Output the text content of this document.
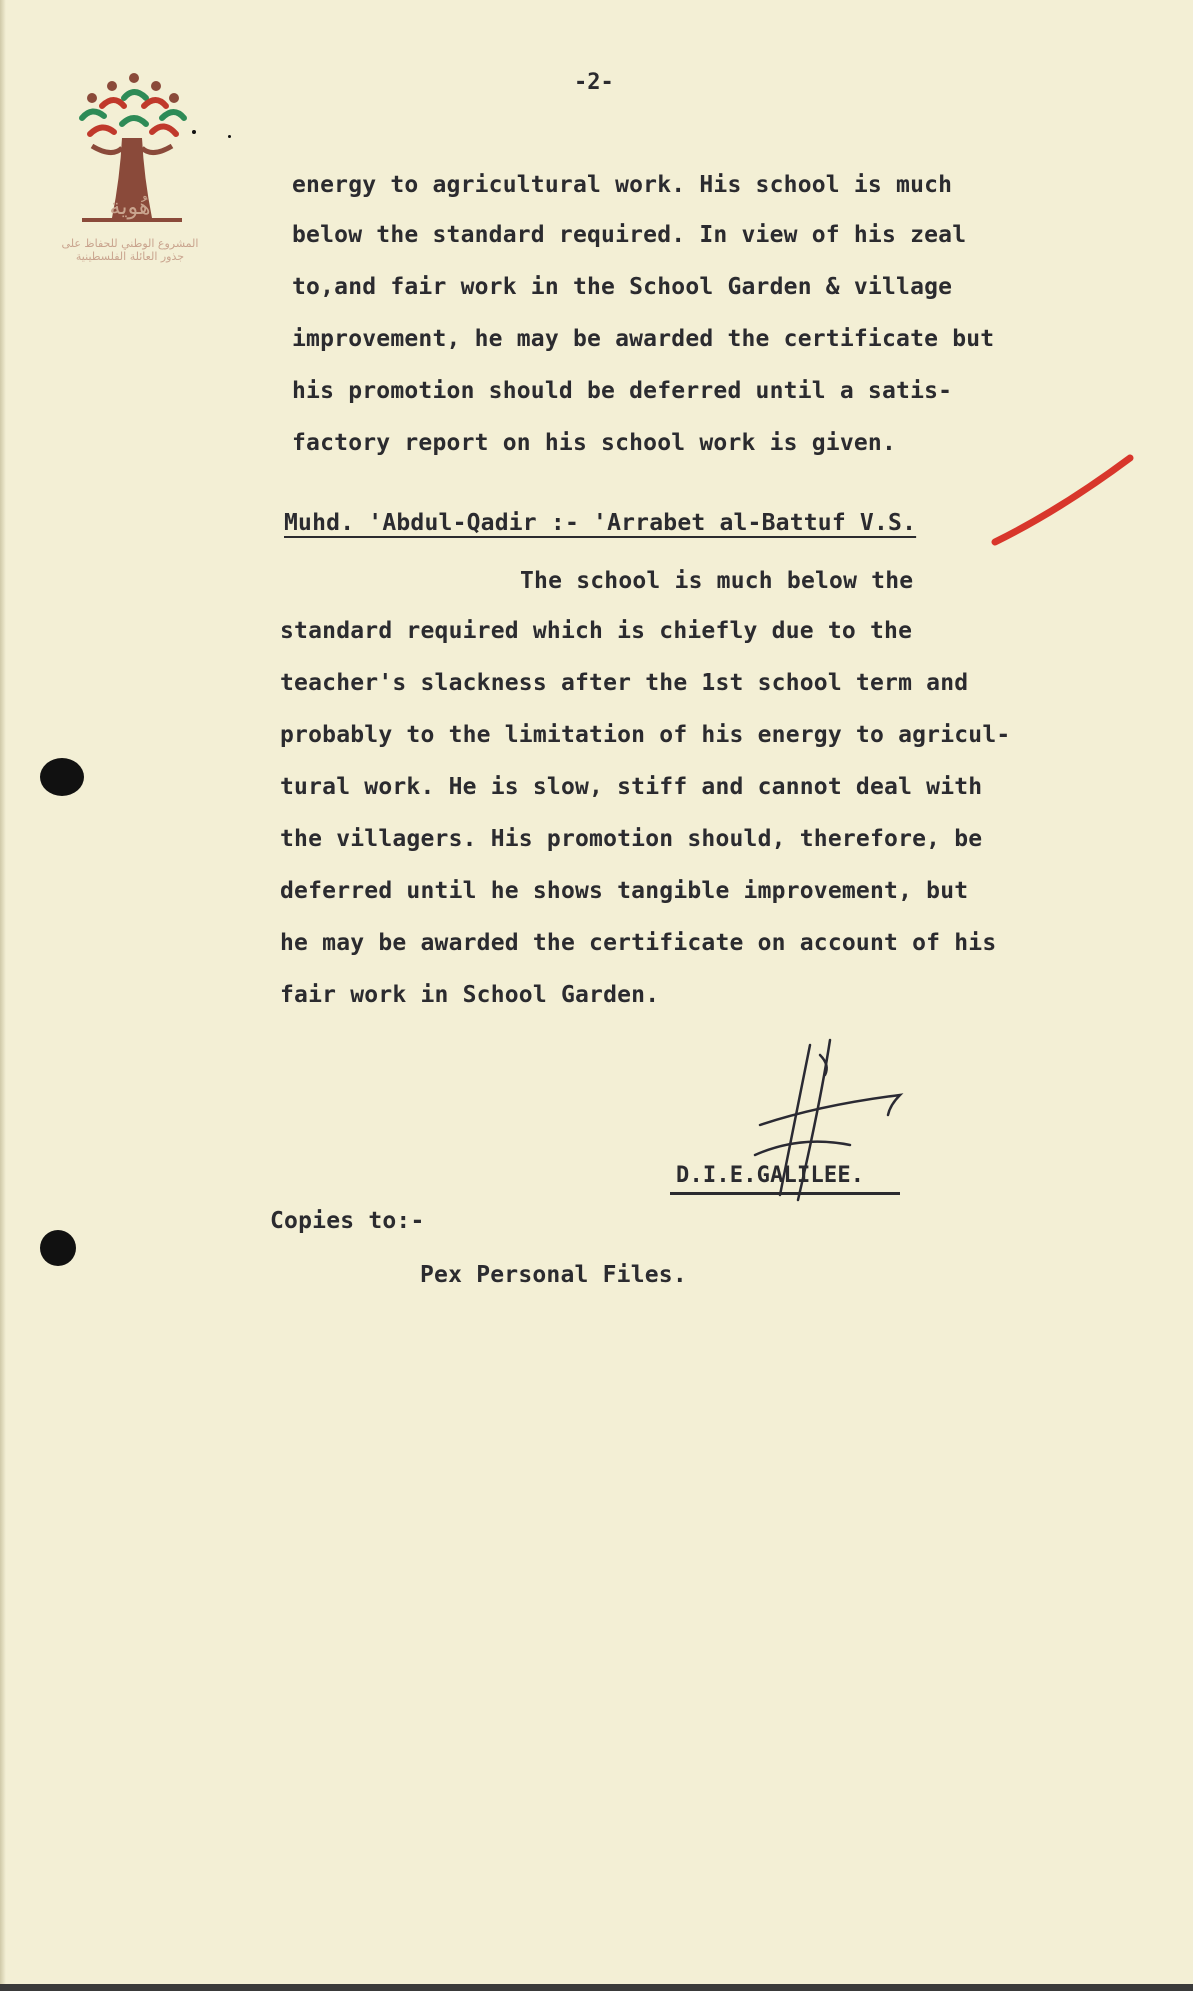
هُوية
المشروع الوطني للحفاظ على
جذور العائلة الفلسطينية
-2-
energy to agricultural work. His school is much
below the standard required. In view of his zeal
to,and fair work in the School Garden & village
improvement, he may be awarded the certificate but
his promotion should be deferred until a satis-
factory report on his school work is given.
Muhd. 'Abdul-Qadir :- 'Arrabet al-Battuf V.S.
The school is much below the
standard required which is chiefly due to the
teacher's slackness after the 1st school term and
probably to the limitation of his energy to agricul-
tural work. He is slow, stiff and cannot deal with
the villagers. His promotion should, therefore, be
deferred until he shows tangible improvement, but
he may be awarded the certificate on account of his
fair work in School Garden.
D.I.E.GALILEE.
Copies to:-
Pex Personal Files.
